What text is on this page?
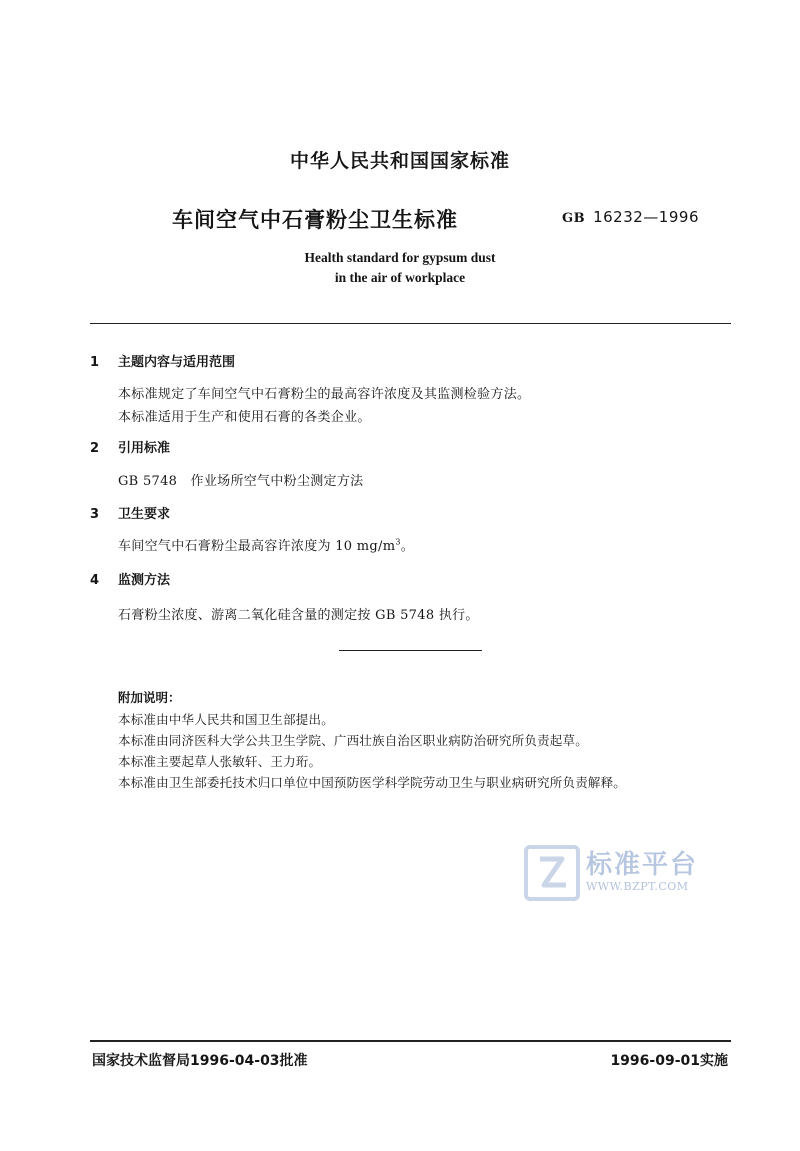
中华人民共和国国家标准
车间空气中石膏粉尘卫生标准	GB 16232—1996
Health standard for gypsum dust
in the air of workplace
1 主题内容与适用范围
本标准规定了车间空气中石膏粉尘的最高容许浓度及其监测检验方法。
本标准适用于生产和使用石膏的各类企业。
2 引用标准
GB 5748   作业场所空气中粉尘测定方法
3 卫生要求
车间空气中石膏粉尘最高容许浓度为 10 $mg/m^3$。
4 监测方法
石膏粉尘浓度、游离二氧化硅含量的测定按 GB 5748 执行。
附加说明：
本标准由中华人民共和国卫生部提出。
本标准由同济医科大学公共卫生学院、广西壮族自治区职业病防治研究所负责起草。
本标准主要起草人张敏轩、王力珩。
本标准由卫生部委托技术归口单位中国预防医学科学院劳动卫生与职业病研究所负责解释。
标准平台
WWW.BZPT.COM
国家技术监督局1996-04-03批准	1996-09-01实施
